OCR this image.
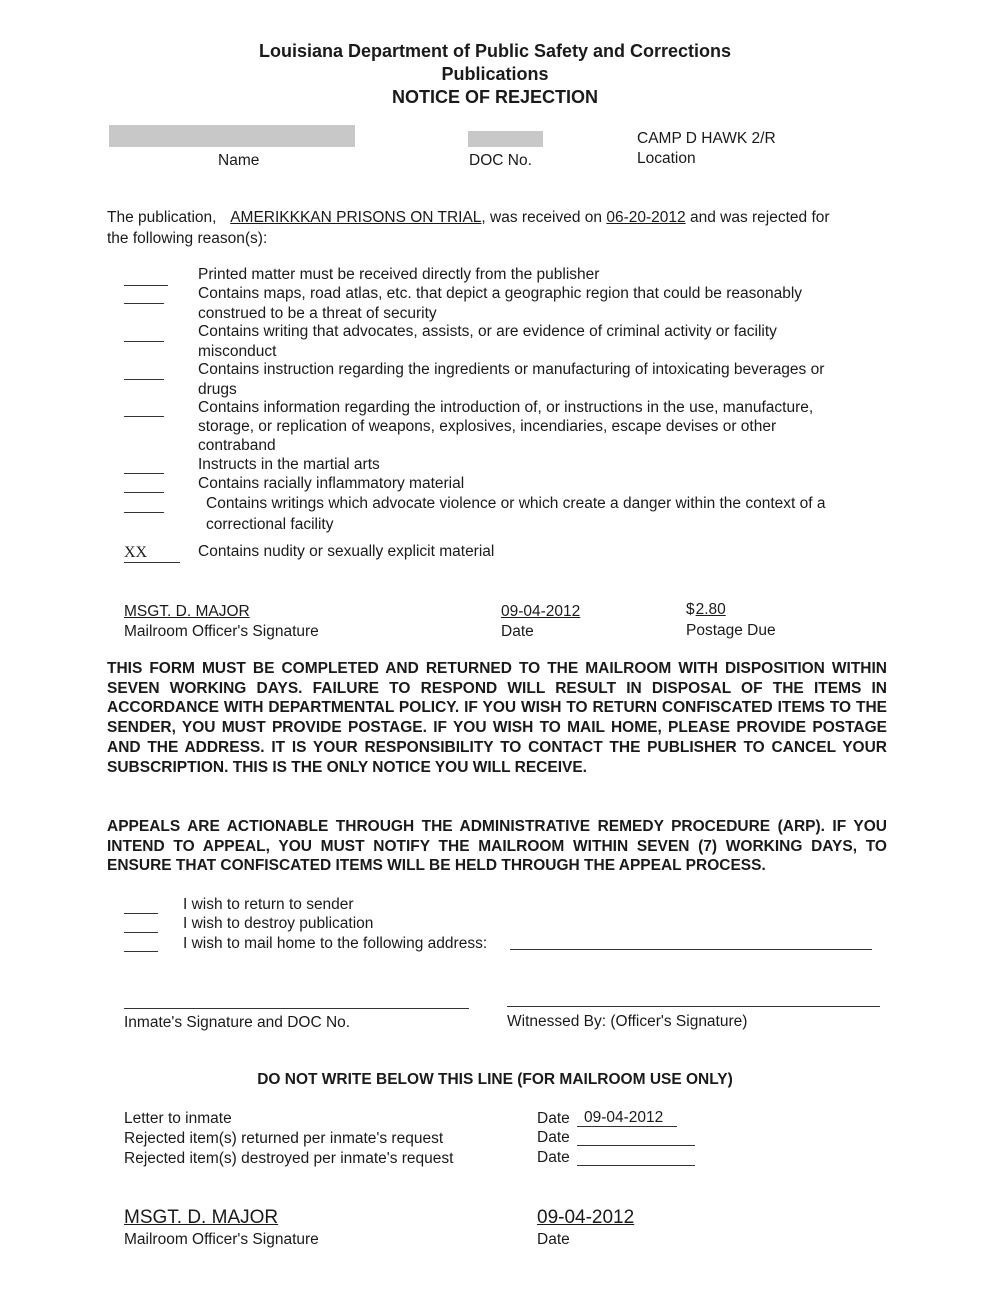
Louisiana Department of Public Safety and Corrections
Publications
NOTICE OF REJECTION
Name	DOC No.
CAMP D HAWK 2/R
Location
The publication, AMERIKKKAN PRISONS ON TRIAL, was received on 06-20-2012 and was rejected for
the following reason(s):
Printed matter must be received directly from the publisher
Contains maps, road atlas, etc. that depict a geographic region that could be reasonably
construed to be a threat of security
Contains writing that advocates, assists, or are evidence of criminal activity or facility
misconduct
Contains instruction regarding the ingredients or manufacturing of intoxicating beverages or
drugs
Contains information regarding the introduction of, or instructions in the use, manufacture,
storage, or replication of weapons, explosives, incendiaries, escape devises or other
contraband
Instructs in the martial arts
Contains racially inflammatory material
Contains writings which advocate violence or which create a danger within the context of a
correctional facility
XX	Contains nudity or sexually explicit material
MSGT. D. MAJOR
Mailroom Officer's Signature
09-04-2012
Date
$2.80
Postage Due
THIS FORM MUST BE COMPLETED AND RETURNED TO THE MAILROOM WITH DISPOSITION WITHIN SEVEN WORKING DAYS. FAILURE TO RESPOND WILL RESULT IN DISPOSAL OF THE ITEMS IN ACCORDANCE WITH DEPARTMENTAL POLICY. IF YOU WISH TO RETURN CONFISCATED ITEMS TO THE SENDER, YOU MUST PROVIDE POSTAGE. IF YOU WISH TO MAIL HOME, PLEASE PROVIDE POSTAGE AND THE ADDRESS. IT IS YOUR RESPONSIBILITY TO CONTACT THE PUBLISHER TO CANCEL YOUR SUBSCRIPTION. THIS IS THE ONLY NOTICE YOU WILL RECEIVE.
APPEALS ARE ACTIONABLE THROUGH THE ADMINISTRATIVE REMEDY PROCEDURE (ARP). IF YOU INTEND TO APPEAL, YOU MUST NOTIFY THE MAILROOM WITHIN SEVEN (7) WORKING DAYS, TO ENSURE THAT CONFISCATED ITEMS WILL BE HELD THROUGH THE APPEAL PROCESS.
I wish to return to sender
I wish to destroy publication
I wish to mail home to the following address:
Inmate's Signature and DOC No.	Witnessed By: (Officer's Signature)
DO NOT WRITE BELOW THIS LINE (FOR MAILROOM USE ONLY)
Letter to inmate	Date 09-04-2012
Rejected item(s) returned per inmate's request	Date
Rejected item(s) destroyed per inmate's request	Date
MSGT. D. MAJOR
Mailroom Officer's Signature
09-04-2012
Date
